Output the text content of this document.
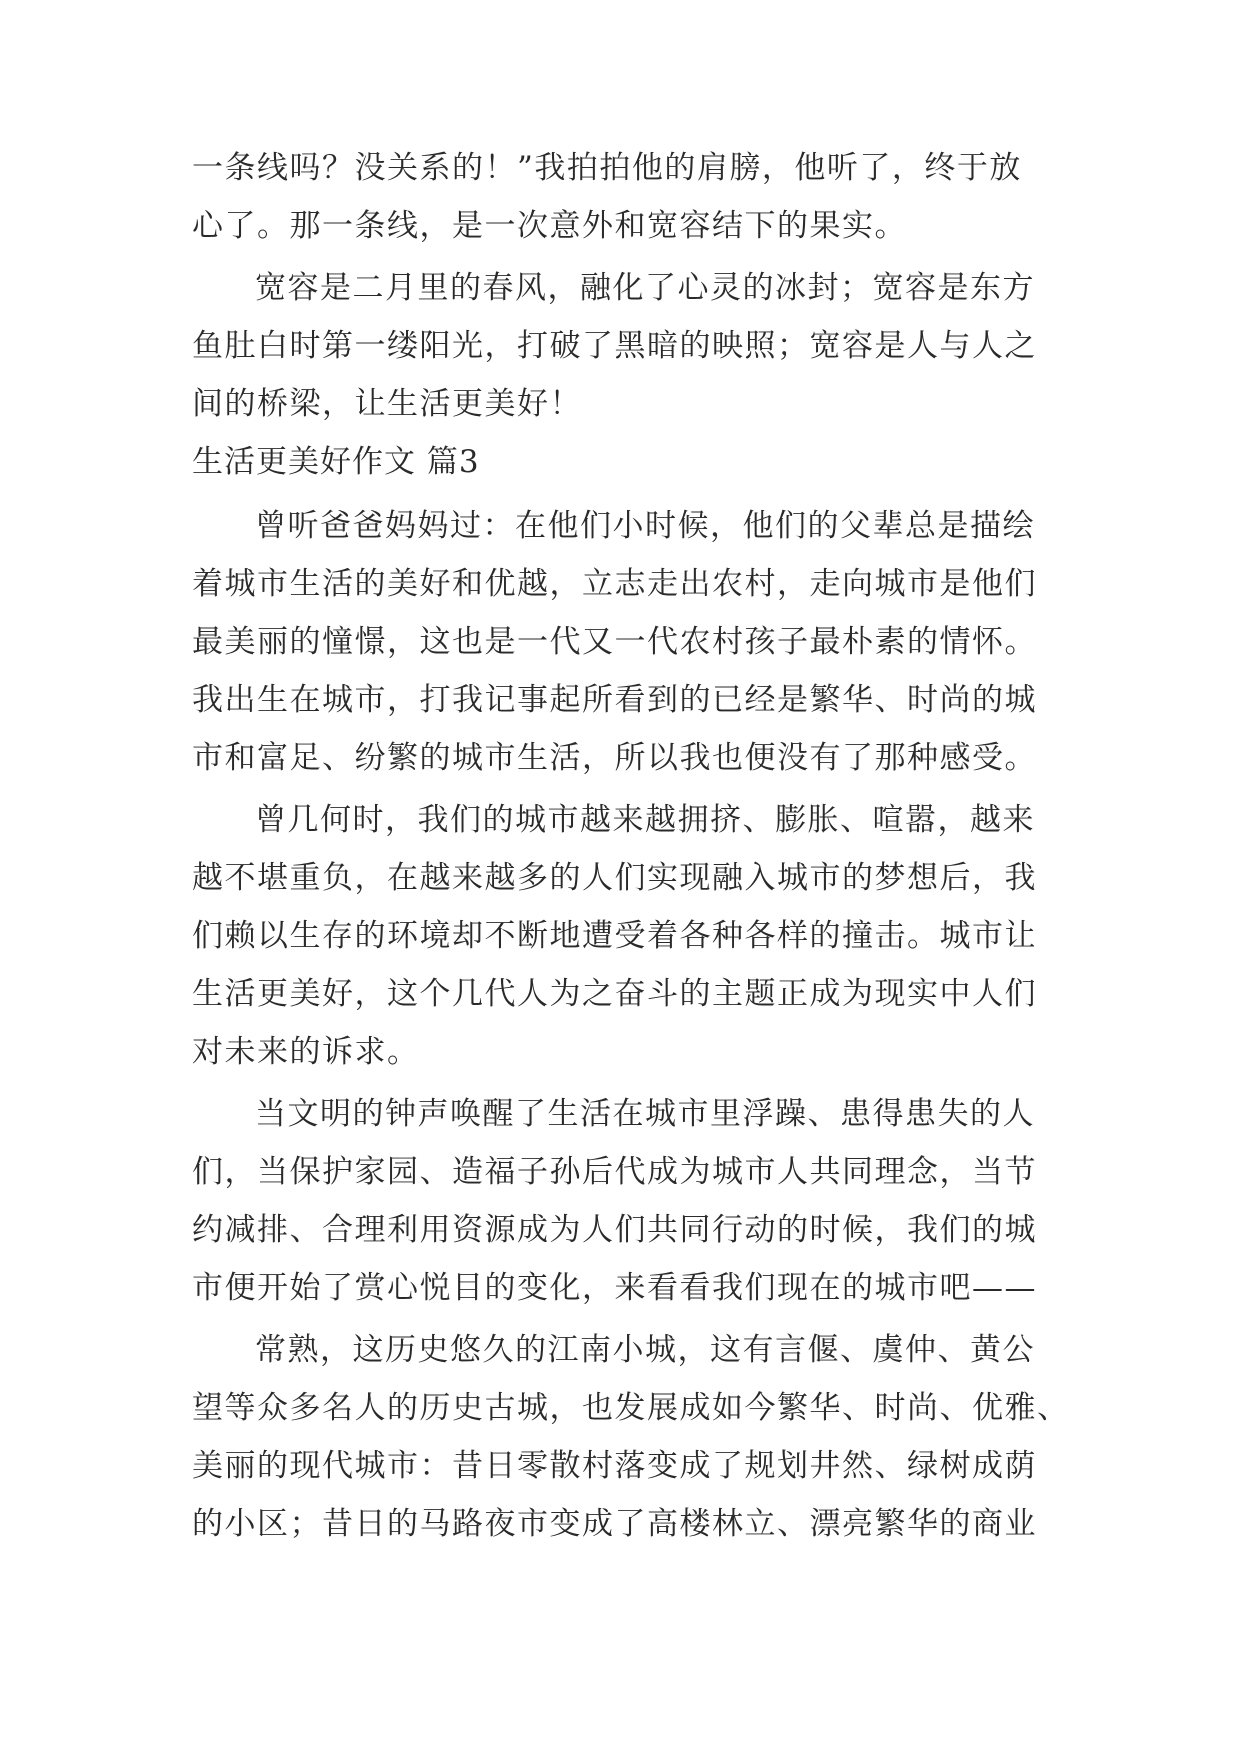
一条线吗？没关系的！”我拍拍他的肩膀，他听了，终于放
心了。那一条线，是一次意外和宽容结下的果实。
宽容是二月里的春风，融化了心灵的冰封；宽容是东方
鱼肚白时第一缕阳光，打破了黑暗的映照；宽容是人与人之
间的桥梁，让生活更美好！
生活更美好作文 篇3
曾听爸爸妈妈过：在他们小时候，他们的父辈总是描绘
着城市生活的美好和优越，立志走出农村，走向城市是他们
最美丽的憧憬，这也是一代又一代农村孩子最朴素的情怀。
我出生在城市，打我记事起所看到的已经是繁华、时尚的城
市和富足、纷繁的城市生活，所以我也便没有了那种感受。
曾几何时，我们的城市越来越拥挤、膨胀、喧嚣，越来
越不堪重负，在越来越多的人们实现融入城市的梦想后，我
们赖以生存的环境却不断地遭受着各种各样的撞击。城市让
生活更美好，这个几代人为之奋斗的主题正成为现实中人们
对未来的诉求。
当文明的钟声唤醒了生活在城市里浮躁、患得患失的人
们，当保护家园、造福子孙后代成为城市人共同理念，当节
约减排、合理利用资源成为人们共同行动的时候，我们的城
市便开始了赏心悦目的变化，来看看我们现在的城市吧——
常熟，这历史悠久的江南小城，这有言偃、虞仲、黄公
望等众多名人的历史古城，也发展成如今繁华、时尚、优雅、
美丽的现代城市：昔日零散村落变成了规划井然、绿树成荫
的小区；昔日的马路夜市变成了高楼林立、漂亮繁华的商业
